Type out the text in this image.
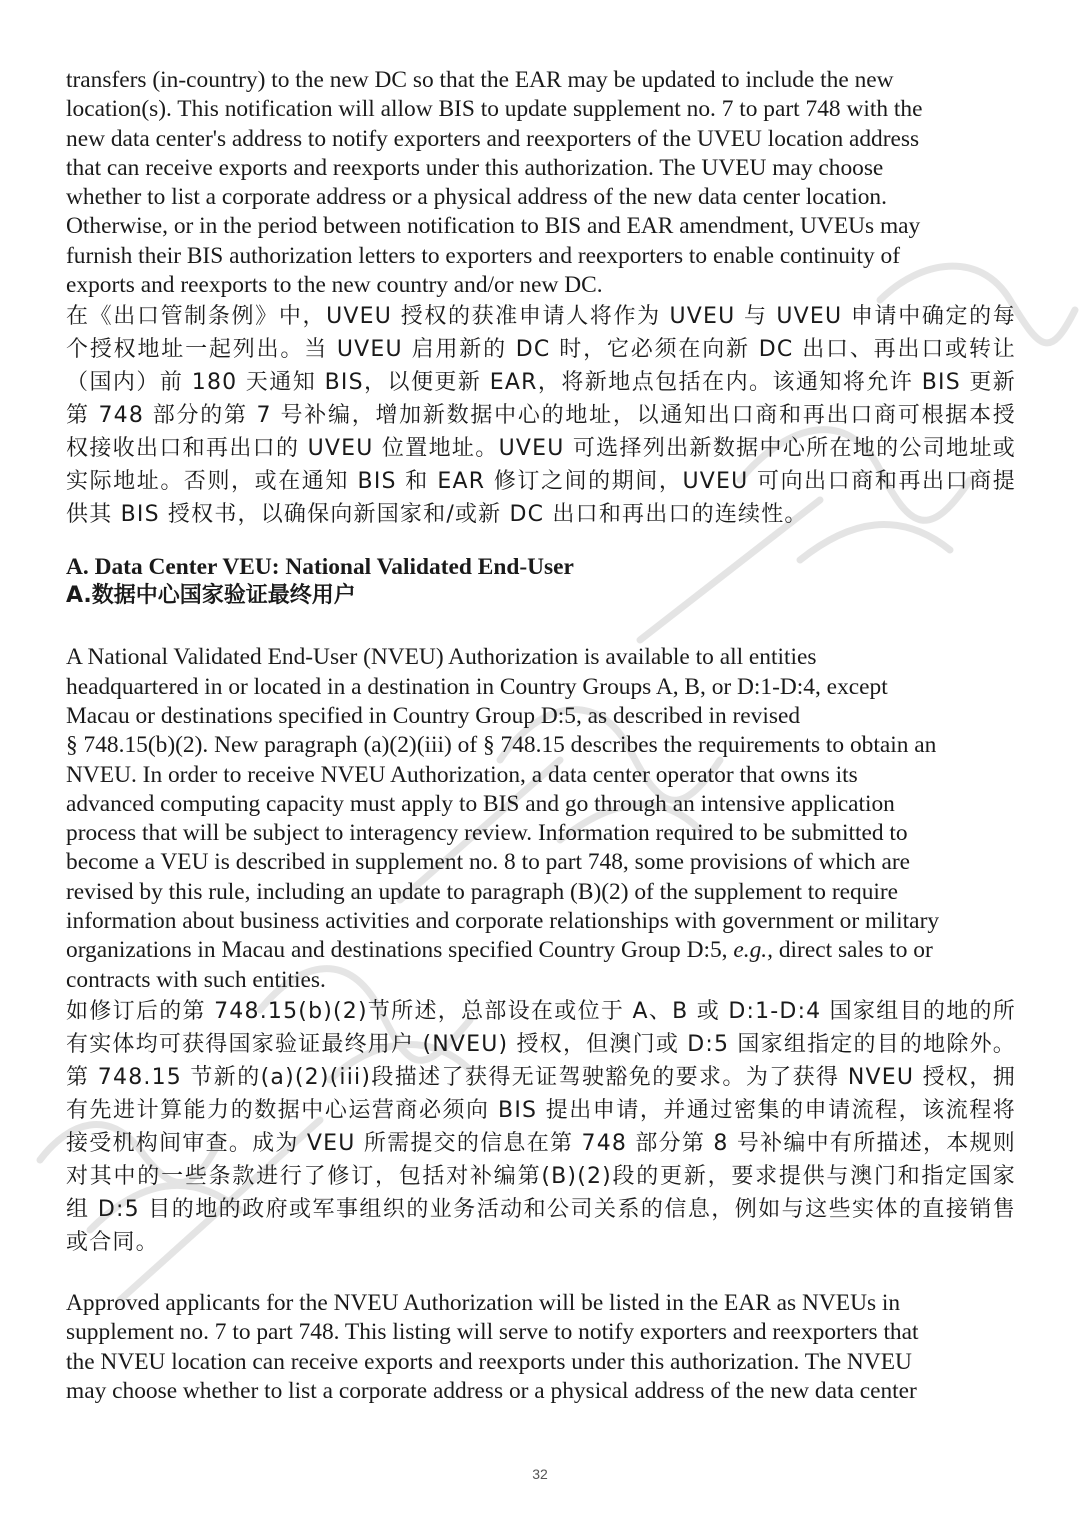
transfers (in-country) to the new DC so that the EAR may be updated to include the new
location(s). This notification will allow BIS to update supplement no. 7 to part 748 with the
new data center's address to notify exporters and reexporters of the UVEU location address
that can receive exports and reexports under this authorization. The UVEU may choose
whether to list a corporate address or a physical address of the new data center location.
Otherwise, or in the period between notification to BIS and EAR amendment, UVEUs may
furnish their BIS authorization letters to exporters and reexporters to enable continuity of
exports and reexports to the new country and/or new DC.

在《出口管制条例》中，UVEU 授权的获准申请人将作为 UVEU 与 UVEU 申请中确定的每个授权地址一起列出。当 UVEU 启用新的 DC 时，它必须在向新 DC 出口、再出口或转让（国内）前 180 天通知 BIS，以便更新 EAR，将新地点包括在内。该通知将允许 BIS 更新第 748 部分的第 7 号补编，增加新数据中心的地址，以通知出口商和再出口商可根据本授权接收出口和再出口的 UVEU 位置地址。UVEU 可选择列出新数据中心所在地的公司地址或实际地址。否则，或在通知 BIS 和 EAR 修订之间的期间，UVEU 可向出口商和再出口商提供其 BIS 授权书，以确保向新国家和/或新 DC 出口和再出口的连续性。

A. Data Center VEU: National Validated End-User

A.数据中心国家验证最终用户

A National Validated End-User (NVEU) Authorization is available to all entities
headquartered in or located in a destination in Country Groups A, B, or D:1-D:4, except
Macau or destinations specified in Country Group D:5, as described in revised
§ 748.15(b)(2). New paragraph (a)(2)(iii) of § 748.15 describes the requirements to obtain an
NVEU. In order to receive NVEU Authorization, a data center operator that owns its
advanced computing capacity must apply to BIS and go through an intensive application
process that will be subject to interagency review. Information required to be submitted to
become a VEU is described in supplement no. 8 to part 748, some provisions of which are
revised by this rule, including an update to paragraph (B)(2) of the supplement to require
information about business activities and corporate relationships with government or military
organizations in Macau and destinations specified Country Group D:5, e.g., direct sales to or
contracts with such entities.

如修订后的第 748.15(b)(2)节所述，总部设在或位于 A、B 或 D:1-D:4 国家组目的地的所有实体均可获得国家验证最终用户 (NVEU) 授权，但澳门或 D:5 国家组指定的目的地除外。第 748.15 节新的(a)(2)(iii)段描述了获得无证驾驶豁免的要求。为了获得 NVEU 授权，拥有先进计算能力的数据中心运营商必须向 BIS 提出申请，并通过密集的申请流程，该流程将接受机构间审查。成为 VEU 所需提交的信息在第 748 部分第 8 号补编中有所描述，本规则对其中的一些条款进行了修订，包括对补编第(B)(2)段的更新，要求提供与澳门和指定国家组 D:5 目的地的政府或军事组织的业务活动和公司关系的信息，例如与这些实体的直接销售或合同。

Approved applicants for the NVEU Authorization will be listed in the EAR as NVEUs in
supplement no. 7 to part 748. This listing will serve to notify exporters and reexporters that
the NVEU location can receive exports and reexports under this authorization. The NVEU
may choose whether to list a corporate address or a physical address of the new data center

32
